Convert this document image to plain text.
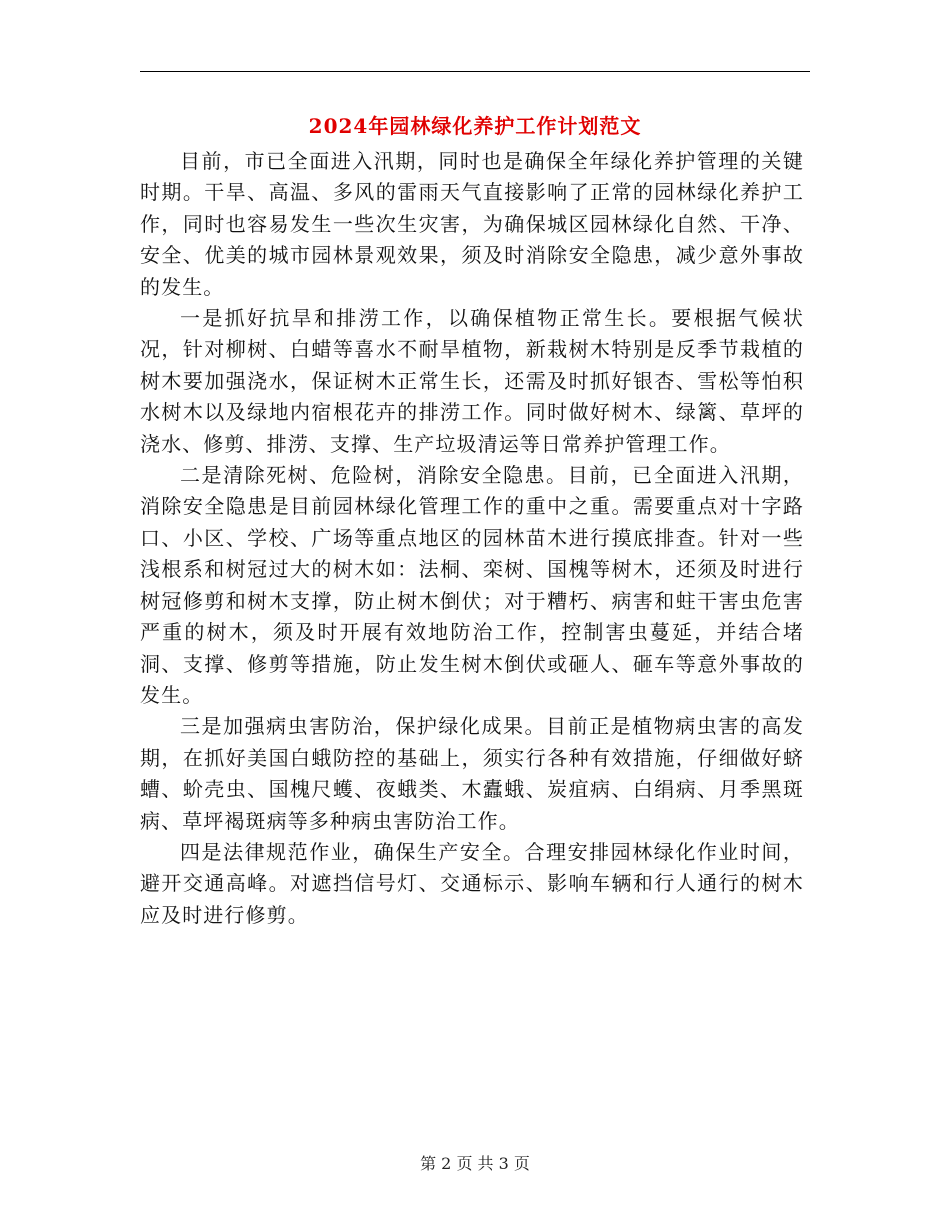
2024年园林绿化养护工作计划范文

目前，市已全面进入汛期，同时也是确保全年绿化养护管理的关键时期。干旱、高温、多风的雷雨天气直接影响了正常的园林绿化养护工作，同时也容易发生一些次生灾害，为确保城区园林绿化自然、干净、安全、优美的城市园林景观效果，须及时消除安全隐患，减少意外事故的发生。

一是抓好抗旱和排涝工作，以确保植物正常生长。要根据气候状况，针对柳树、白蜡等喜水不耐旱植物，新栽树木特别是反季节栽植的树木要加强浇水，保证树木正常生长，还需及时抓好银杏、雪松等怕积水树木以及绿地内宿根花卉的排涝工作。同时做好树木、绿篱、草坪的浇水、修剪、排涝、支撑、生产垃圾清运等日常养护管理工作。

二是清除死树、危险树，消除安全隐患。目前，已全面进入汛期，消除安全隐患是目前园林绿化管理工作的重中之重。需要重点对十字路口、小区、学校、广场等重点地区的园林苗木进行摸底排查。针对一些浅根系和树冠过大的树木如：法桐、栾树、国槐等树木，还须及时进行树冠修剪和树木支撑，防止树木倒伏；对于糟朽、病害和蛀干害虫危害严重的树木，须及时开展有效地防治工作，控制害虫蔓延，并结合堵洞、支撑、修剪等措施，防止发生树木倒伏或砸人、砸车等意外事故的发生。

三是加强病虫害防治，保护绿化成果。目前正是植物病虫害的高发期，在抓好美国白蛾防控的基础上，须实行各种有效措施，仔细做好蛴螬、蚧壳虫、国槐尺蠖、夜蛾类、木蠹蛾、炭疽病、白绢病、月季黑斑病、草坪褐斑病等多种病虫害防治工作。

四是法律规范作业，确保生产安全。合理安排园林绿化作业时间，避开交通高峰。对遮挡信号灯、交通标示、影响车辆和行人通行的树木应及时进行修剪。

第 2 页 共 3 页
